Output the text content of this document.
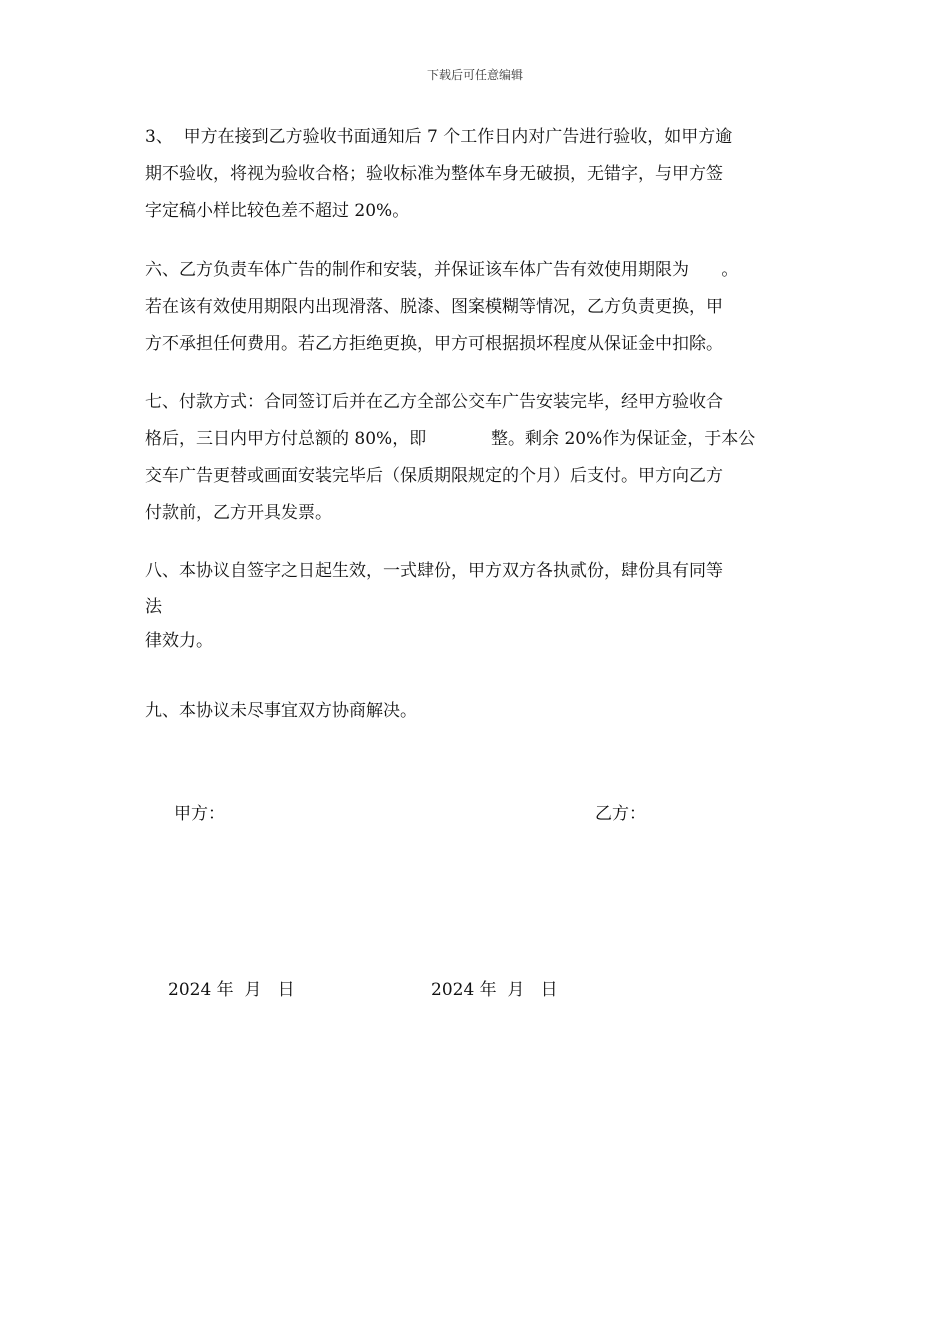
下载后可任意编辑
3、  甲方在接到乙方验收书面通知后 7 个工作日内对广告进行验收，如甲方逾
期不验收，将视为验收合格；验收标准为整体车身无破损，无错字，与甲方签
字定稿小样比较色差不超过 20%。
六、乙方负责车体广告的制作和安装，并保证该车体广告有效使用期限为      。
若在该有效使用期限内出现滑落、脱漆、图案模糊等情况，乙方负责更换，甲
方不承担任何费用。若乙方拒绝更换，甲方可根据损坏程度从保证金中扣除。
七、付款方式：合同签订后并在乙方全部公交车广告安装完毕，经甲方验收合
格后，三日内甲方付总额的 80%，即            整。剩余 20%作为保证金，于本公
交车广告更替或画面安装完毕后（保质期限规定的个月）后支付。甲方向乙方
付款前，乙方开具发票。
八、本协议自签字之日起生效，一式肆份，甲方双方各执贰份，肆份具有同等
法
律效力。
九、本协议未尽事宜双方协商解决。
甲方：	乙方：
2024 年  月   日	2024 年  月   日
